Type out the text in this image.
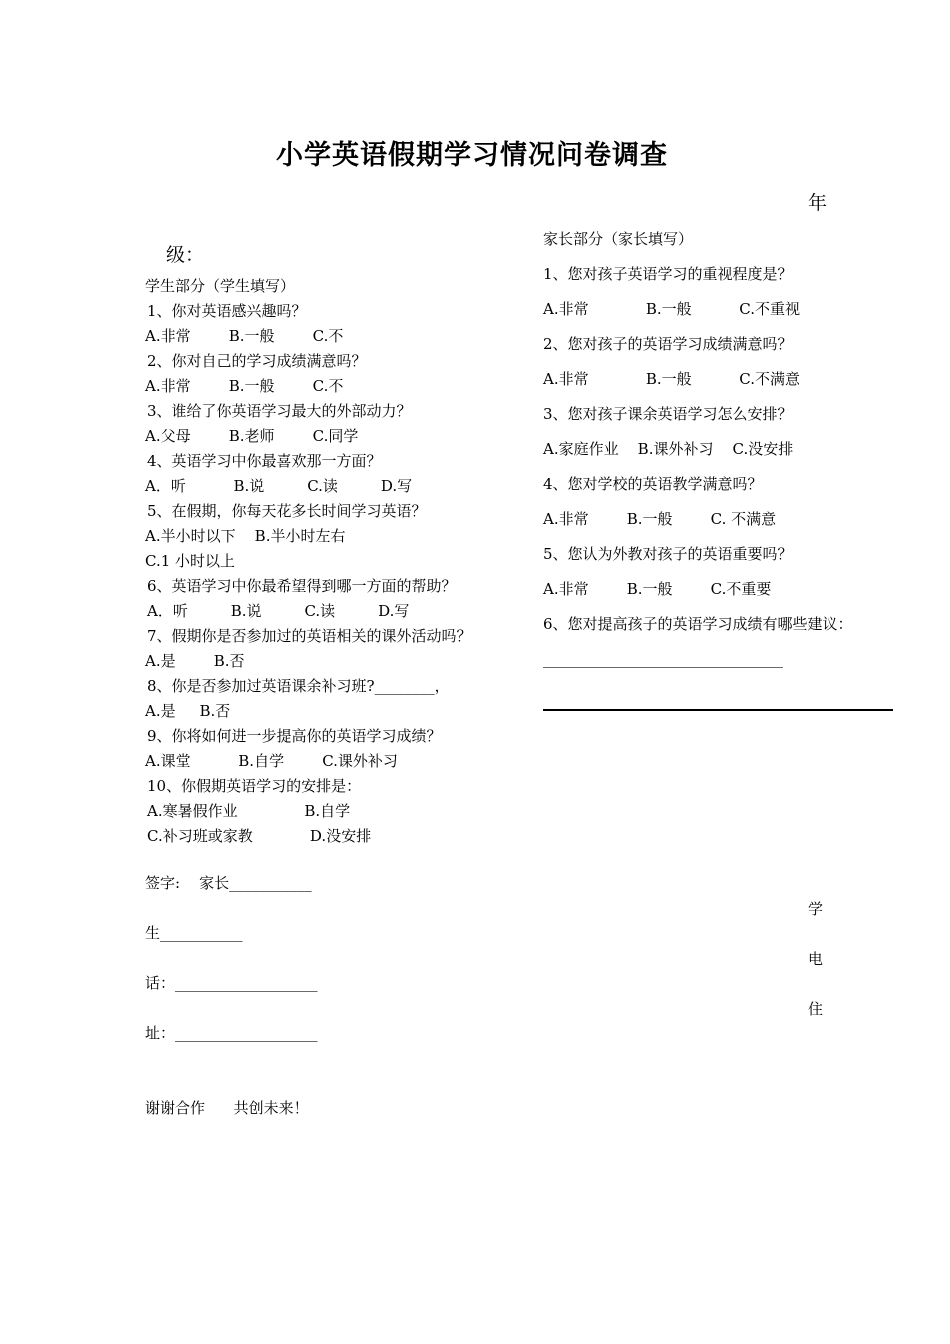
小学英语假期学习情况问卷调查
年
级：
学生部分（学生填写）
1、你对英语感兴趣吗？
A.非常        B.一般        C.不
2、你对自己的学习成绩满意吗？
A.非常        B.一般        C.不
3、谁给了你英语学习最大的外部动力？
A.父母        B.老师        C.同学
4、英语学习中你最喜欢那一方面？
A．听          B.说         C.读         D.写
5、在假期，你每天花多长时间学习英语？
A.半小时以下    B.半小时左右
C.1 小时以上
6、英语学习中你最希望得到哪一方面的帮助？
A．听         B.说         C.读         D.写
7、假期你是否参加过的英语相关的课外活动吗？
A.是        B.否
8、你是否参加过英语课余补习班?________，
A.是     B.否
9、你将如何进一步提高你的英语学习成绩？
A.课堂          B.自学        C.课外补习
10、你假期英语学习的安排是：
A.寒暑假作业              B.自学
C.补习班或家教            D.没安排
家长部分（家长填写）
1、您对孩子英语学习的重视程度是？
A.非常            B.一般          C.不重视
2、您对孩子的英语学习成绩满意吗？
A.非常            B.一般          C.不满意
3、您对孩子课余英语学习怎么安排？
A.家庭作业    B.课外补习    C.没安排
4、您对学校的英语教学满意吗？
A.非常        B.一般        C. 不满意
5、您认为外教对孩子的英语重要吗？
A.非常        B.一般        C.不重要
6、您对提高孩子的英语学习成绩有哪些建议：
________________________________
签字:    家长___________
学
生___________
电
话：___________________
住
址：___________________
谢谢合作      共创未来！
